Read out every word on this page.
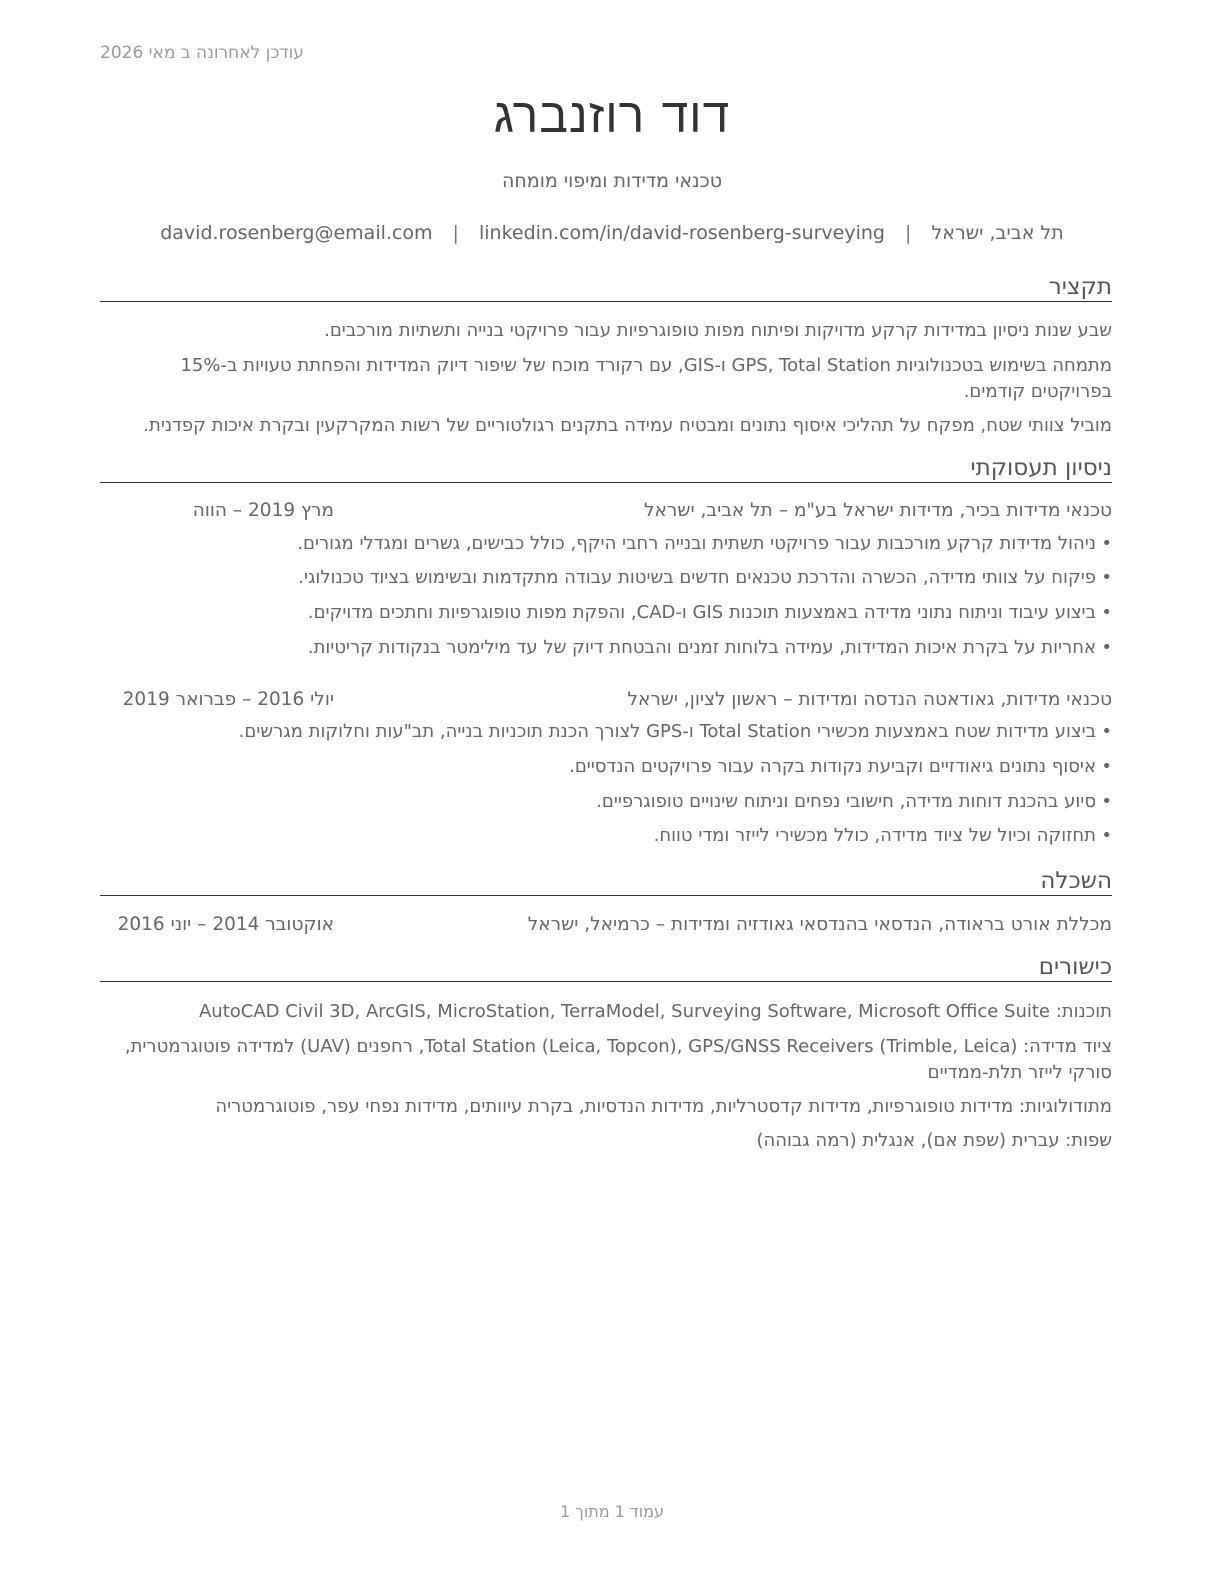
עודכן לאחרונה ב מאי 2026
דוד רוזנברג
טכנאי מדידות ומיפוי מומחה
תל אביב, ישראל | david.rosenberg@email.com | linkedin.com/in/david-rosenberg-surveying
תקציר
שבע שנות ניסיון במדידות קרקע מדויקות ופיתוח מפות טופוגרפיות עבור פרויקטי בנייה ותשתיות מורכבים.
מתמחה בשימוש בטכנולוגיות GPS, Total Station ו-GIS, עם רקורד מוכח של שיפור דיוק המדידות והפחתת טעויות ב-15% בפרויקטים קודמים.
מוביל צוותי שטח, מפקח על תהליכי איסוף נתונים ומבטיח עמידה בתקנים רגולטוריים של רשות המקרקעין ובקרת איכות קפדנית.
ניסיון תעסוקתי
טכנאי מדידות בכיר, מדידות ישראל בע"מ – תל אביב, ישראל
מרץ 2019 – הווה
•
ניהול מדידות קרקע מורכבות עבור פרויקטי תשתית ובנייה רחבי היקף, כולל כבישים, גשרים ומגדלי מגורים.
•
פיקוח על צוותי מדידה, הכשרה והדרכת טכנאים חדשים בשיטות עבודה מתקדמות ובשימוש בציוד טכנולוגי.
•
ביצוע עיבוד וניתוח נתוני מדידה באמצעות תוכנות GIS ו-CAD, והפקת מפות טופוגרפיות וחתכים מדויקים.
•
אחריות על בקרת איכות המדידות, עמידה בלוחות זמנים והבטחת דיוק של עד מילימטר בנקודות קריטיות.
טכנאי מדידות, גאודאטה הנדסה ומדידות – ראשון לציון, ישראל
יולי 2016 – פברואר 2019
•
ביצוע מדידות שטח באמצעות מכשירי Total Station ו-GPS לצורך הכנת תוכניות בנייה, תב"עות וחלוקות מגרשים.
•
איסוף נתונים גיאודזיים וקביעת נקודות בקרה עבור פרויקטים הנדסיים.
•
סיוע בהכנת דוחות מדידה, חישובי נפחים וניתוח שינויים טופוגרפיים.
•
תחזוקה וכיול של ציוד מדידה, כולל מכשירי לייזר ומדי טווח.
השכלה
מכללת אורט בראודה, הנדסאי בהנדסאי גאודזיה ומדידות – כרמיאל, ישראל
אוקטובר 2014 – יוני 2016
כישורים
תוכנות: AutoCAD Civil 3D, ArcGIS, MicroStation, TerraModel, Surveying Software, Microsoft Office Suite
ציוד מדידה: Total Station (Leica, Topcon), GPS/GNSS Receivers (Trimble, Leica), רחפנים (UAV) למדידה פוטוגרמטרית, סורקי לייזר תלת-ממדיים
מתודולוגיות: מדידות טופוגרפיות, מדידות קדסטרליות, מדידות הנדסיות, בקרת עיוותים, מדידות נפחי עפר, פוטוגרמטריה
שפות: עברית (שפת אם), אנגלית (רמה גבוהה)
עמוד 1 מתוך 1
